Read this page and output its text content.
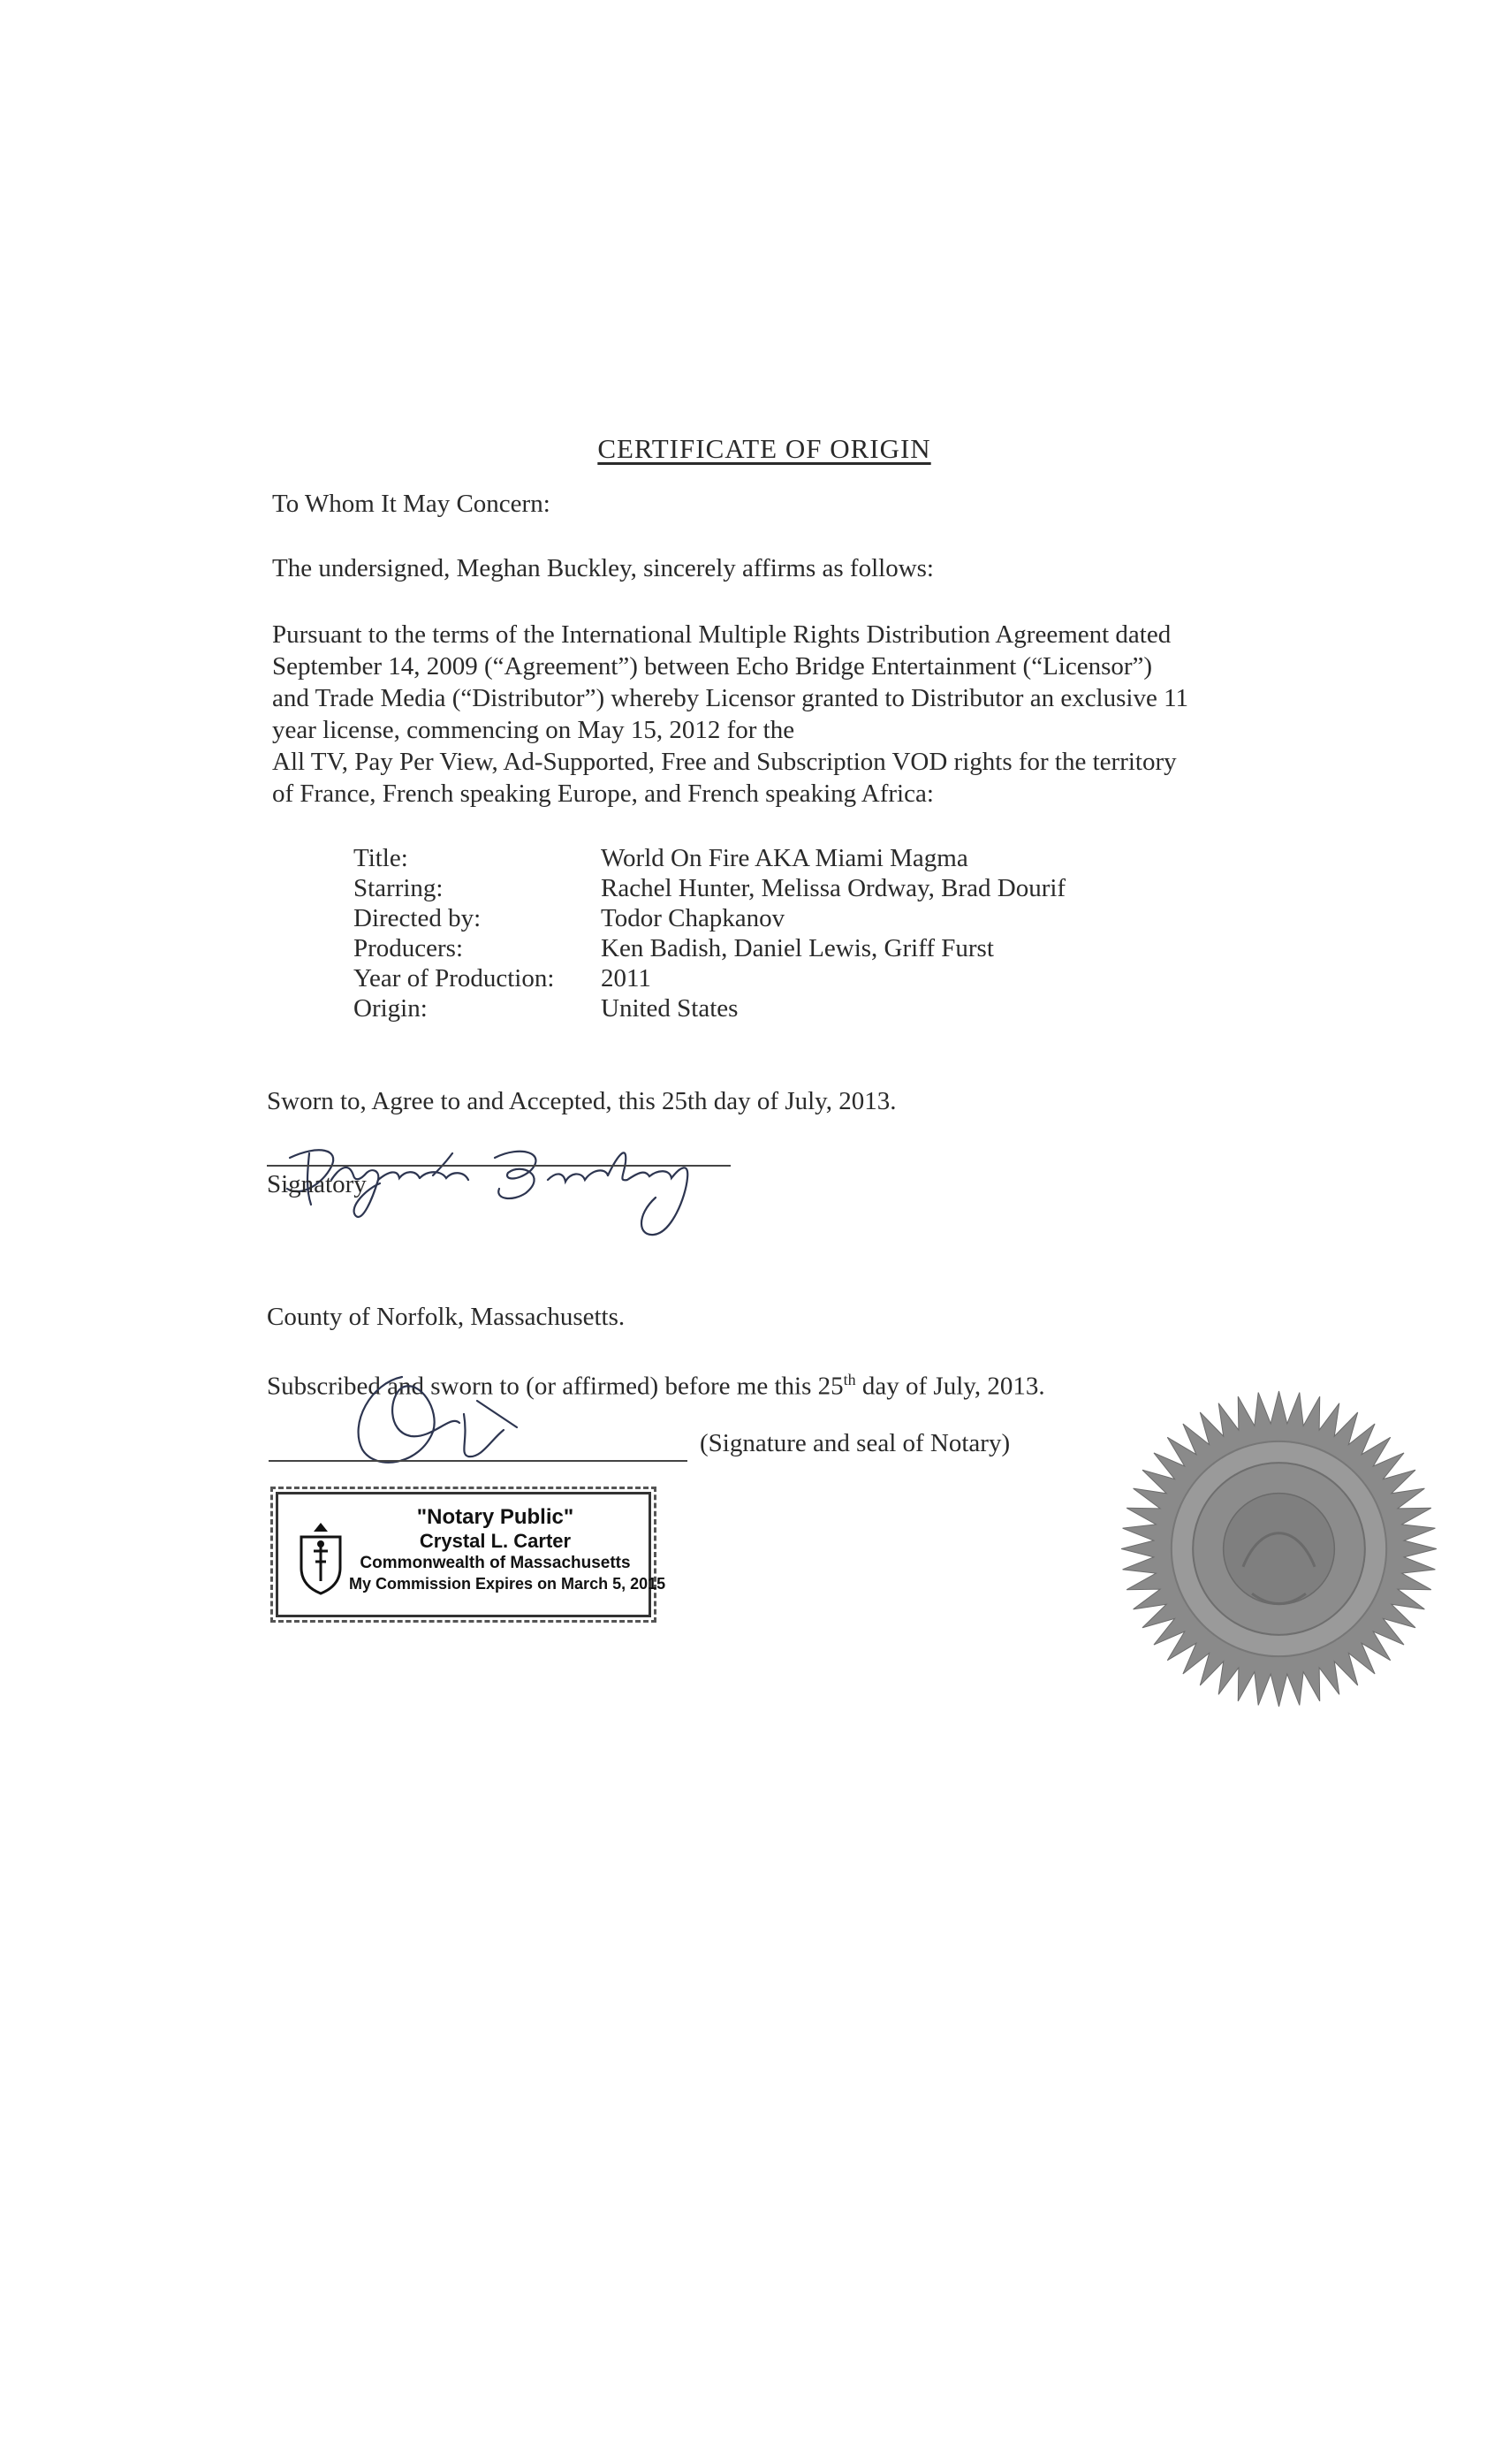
CERTIFICATE OF ORIGIN
To Whom It May Concern:
The undersigned, Meghan Buckley, sincerely affirms as follows:
Pursuant to the terms of the International Multiple Rights Distribution Agreement dated
September 14, 2009 (“Agreement”) between Echo Bridge Entertainment (“Licensor”)
and Trade Media (“Distributor”) whereby Licensor granted to Distributor an exclusive 11
year license, commencing on May 15, 2012 for the
All TV, Pay Per View, Ad-Supported, Free and Subscription VOD rights for the territory
of France, French speaking Europe, and French speaking Africa:
Title:	World On Fire AKA Miami Magma
Starring:	Rachel Hunter, Melissa Ordway, Brad Dourif
Directed by:	Todor Chapkanov
Producers:	Ken Badish, Daniel Lewis, Griff Furst
Year of Production:	2011
Origin:	United States
Sworn to, Agree to and Accepted, this 25th day of July, 2013.
Signatory
County of Norfolk, Massachusetts.
Subscribed and sworn to (or affirmed) before me this 25th day of July, 2013.
(Signature and seal of Notary)
"Notary Public"
Crystal L. Carter
Commonwealth of Massachusetts
My Commission Expires on March 5, 2015
